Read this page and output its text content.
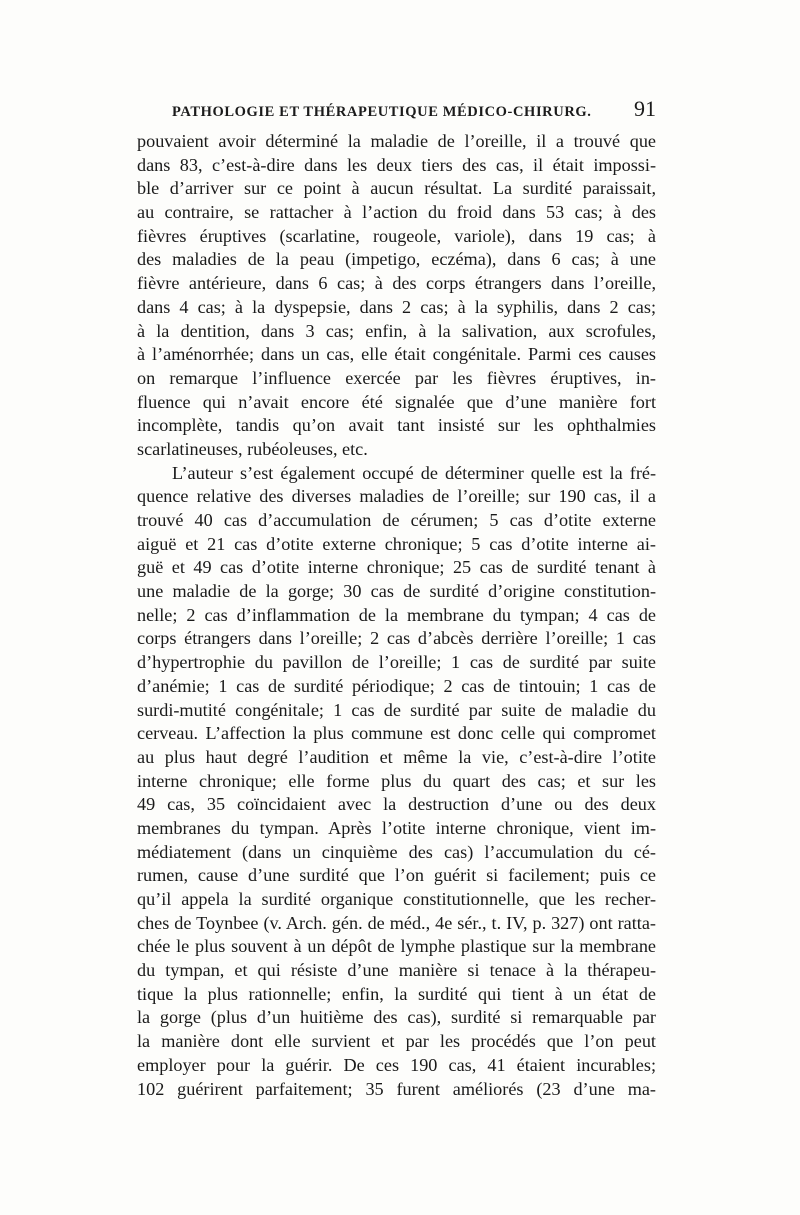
PATHOLOGIE ET THÉRAPEUTIQUE MÉDICO-CHIRURG. 91
pouvaient avoir déterminé la maladie de l’oreille, il a trouvé que
dans 83, c’est-à-dire dans les deux tiers des cas, il était impossi-
ble d’arriver sur ce point à aucun résultat. La surdité paraissait,
au contraire, se rattacher à l’action du froid dans 53 cas; à des
fièvres éruptives (scarlatine, rougeole, variole), dans 19 cas; à
des maladies de la peau (impetigo, eczéma), dans 6 cas; à une
fièvre antérieure, dans 6 cas; à des corps étrangers dans l’oreille,
dans 4 cas; à la dyspepsie, dans 2 cas; à la syphilis, dans 2 cas;
à la dentition, dans 3 cas; enfin, à la salivation, aux scrofules,
à l’aménorrhée; dans un cas, elle était congénitale. Parmi ces causes
on remarque l’influence exercée par les fièvres éruptives, in-
fluence qui n’avait encore été signalée que d’une manière fort
incomplète, tandis qu’on avait tant insisté sur les ophthalmies
scarlatineuses, rubéoleuses, etc.
L’auteur s’est également occupé de déterminer quelle est la fré-
quence relative des diverses maladies de l’oreille; sur 190 cas, il a
trouvé 40 cas d’accumulation de cérumen; 5 cas d’otite externe
aiguë et 21 cas d’otite externe chronique; 5 cas d’otite interne ai-
guë et 49 cas d’otite interne chronique; 25 cas de surdité tenant à
une maladie de la gorge; 30 cas de surdité d’origine constitution-
nelle; 2 cas d’inflammation de la membrane du tympan; 4 cas de
corps étrangers dans l’oreille; 2 cas d’abcès derrière l’oreille; 1 cas
d’hypertrophie du pavillon de l’oreille; 1 cas de surdité par suite
d’anémie; 1 cas de surdité périodique; 2 cas de tintouin; 1 cas de
surdi-mutité congénitale; 1 cas de surdité par suite de maladie du
cerveau. L’affection la plus commune est donc celle qui compromet
au plus haut degré l’audition et même la vie, c’est-à-dire l’otite
interne chronique; elle forme plus du quart des cas; et sur les
49 cas, 35 coïncidaient avec la destruction d’une ou des deux
membranes du tympan. Après l’otite interne chronique, vient im-
médiatement (dans un cinquième des cas) l’accumulation du cé-
rumen, cause d’une surdité que l’on guérit si facilement; puis ce
qu’il appela la surdité organique constitutionnelle, que les recher-
ches de Toynbee (v. Arch. gén. de méd., 4e sér., t. IV, p. 327) ont ratta-
chée le plus souvent à un dépôt de lymphe plastique sur la membrane
du tympan, et qui résiste d’une manière si tenace à la thérapeu-
tique la plus rationnelle; enfin, la surdité qui tient à un état de
la gorge (plus d’un huitième des cas), surdité si remarquable par
la manière dont elle survient et par les procédés que l’on peut
employer pour la guérir. De ces 190 cas, 41 étaient incurables;
102 guérirent parfaitement; 35 furent améliorés (23 d’une ma-
